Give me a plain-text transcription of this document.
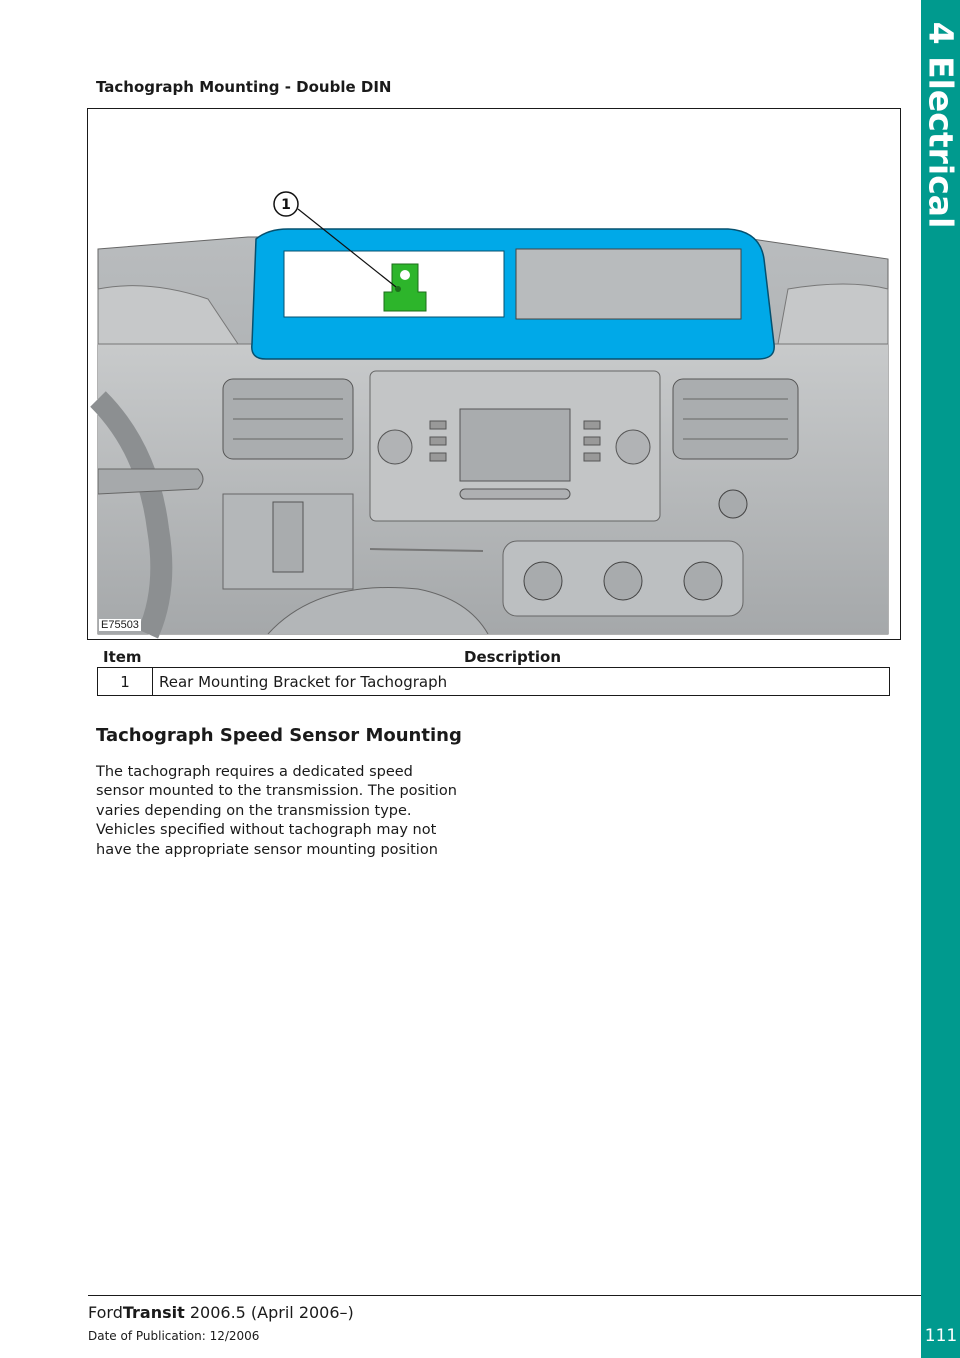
4 Electrical
111
Tachograph Mounting - Double DIN
1
E75503
Item	Description
1	Rear Mounting Bracket for Tachograph
Tachograph Speed Sensor Mounting
The tachograph requires a dedicated speed
sensor mounted to the transmission. The position
varies depending on the transmission type.
Vehicles specified without tachograph may not
have the appropriate sensor mounting position
FordTransit 2006.5 (April 2006–)
Date of Publication: 12/2006
